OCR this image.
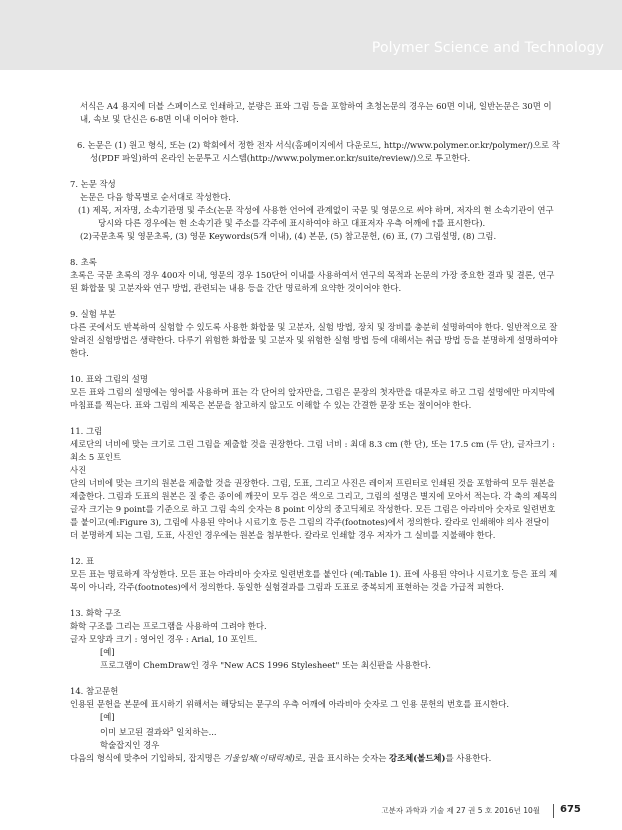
Polymer Science and Technology

서식은 A4 용지에 더블 스페이스로 인쇄하고, 분량은 표와 그림 등을 포함하여 초청논문의 경우는 60면 이내, 일반논문은 30면 이내, 속보 및 단신은 6-8면 이내 이어야 한다.

6. 논문은 (1) 원고 형식, 또는 (2) 학회에서 정한 전자 서식(홈페이지에서 다운로드, http://www.polymer.or.kr/polymer/)으로 작성(PDF 파일)하여 온라인 논문투고 시스템(http://www.polymer.or.kr/suite/review/)으로 투고한다.

7. 논문 작성

논문은 다음 항목별로 순서대로 작성한다.

(1) 제목, 저자명, 소속기관명 및 주소(논문 작성에 사용한 언어에 관계없이 국문 및 영문으로 써야 하며, 저자의 현 소속기관이 연구 당시와 다른 경우에는 현 소속기관 및 주소를 각주에 표시하여야 하고 대표저자 우측 어깨에 †를 표시한다).

(2)국문초록 및 영문초록, (3) 영문 Keywords(5개 이내), (4) 본문, (5) 참고문헌, (6) 표, (7) 그림설명, (8) 그림.

8. 초록

초록은 국문 초록의 경우 400자 이내, 영문의 경우 150단어 이내를 사용하여서 연구의 목적과 논문의 가장 중요한 결과 및 결론, 연구된 화합물 및 고분자와 연구 방법, 관련되는 내용 등을 간단 명료하게 요약한 것이어야 한다.

9. 실험 부분

다른 곳에서도 반복하여 실험할 수 있도록 사용한 화합물 및 고분자, 실험 방법, 장치 및 장비를 충분히 설명하여야 한다. 일반적으로 잘 알려진 실험방법은 생략한다. 다루기 위험한 화합물 및 고분자 및 위험한 실험 방법 등에 대해서는 취급 방법 등을 분명하게 설명하여야 한다.

10. 표와 그림의 설명

모든 표와 그림의 설명에는 영어를 사용하며 표는 각 단어의 앞자만을, 그림은 문장의 첫자만을 대문자로 하고 그림 설명에만 마지막에 마침표를 찍는다. 표와 그림의 제목은 본문을 참고하지 않고도 이해할 수 있는 간결한 문장 또는 절이어야 한다.

11. 그림

세로단의 너비에 맞는 크기로 그린 그림을 제출할 것을 권장한다. 그림 너비 : 최대 8.3 cm (한 단), 또는 17.5 cm (두 단), 글자크기 : 최소 5 포인트

사진

단의 너비에 맞는 크기의 원본을 제출할 것을 권장한다. 그림, 도표, 그리고 사진은 레이저 프린터로 인쇄된 것을 포함하여 모두 원본을 제출한다. 그림과 도표의 원본은 질 좋은 종이에 깨끗이 모두 검은 색으로 그리고, 그림의 설명은 별지에 모아서 적는다. 각 축의 제목의 글자 크기는 9 point를 기준으로 하고 그림 속의 숫자는 8 point 이상의 중고딕체로 작성한다. 모든 그림은 아라비아 숫자로 일련번호를 붙이고(예:Figure 3), 그림에 사용된 약어나 시료기호 등은 그림의 각주(footnotes)에서 정의한다. 칼라로 인쇄해야 의사 전달이 더 분명하게 되는 그림, 도표, 사진인 경우에는 원본을 첨부한다. 칼라로 인쇄할 경우 저자가 그 실비를 지불해야 한다.

12. 표

모든 표는 명료하게 작성한다. 모든 표는 아라비아 숫자로 일련번호를 붙인다 (예:Table 1). 표에 사용된 약어나 시료기호 등은 표의 제목이 아니라, 각주(footnotes)에서 정의한다. 동일한 실험결과를 그림과 도표로 중복되게 표현하는 것을 가급적 피한다.

13. 화학 구조

화학 구조를 그리는 프로그램을 사용하여 그려야 한다.

글자 모양과 크기 : 영어인 경우 : Arial, 10 포인트.

[예]

프로그램이 ChemDraw인 경우 "New ACS 1996 Stylesheet" 또는 최신판을 사용한다.

14. 참고문헌

인용된 문헌을 본문에 표시하기 위해서는 해당되는 문구의 우측 어깨에 아라비아 숫자로 그 인용 문헌의 번호를 표시한다.

[예]

이미 보고된 결과와$^5$ 일치하는...

학술잡지인 경우

다음의 형식에 맞추어 기입하되, 잡지명은 기울임체(이태릭체)로, 권을 표시하는 숫자는 강조체(볼드체)를 사용한다.

고분자 과학과 기술 제 27 권 5 호 2016년 10월 675
